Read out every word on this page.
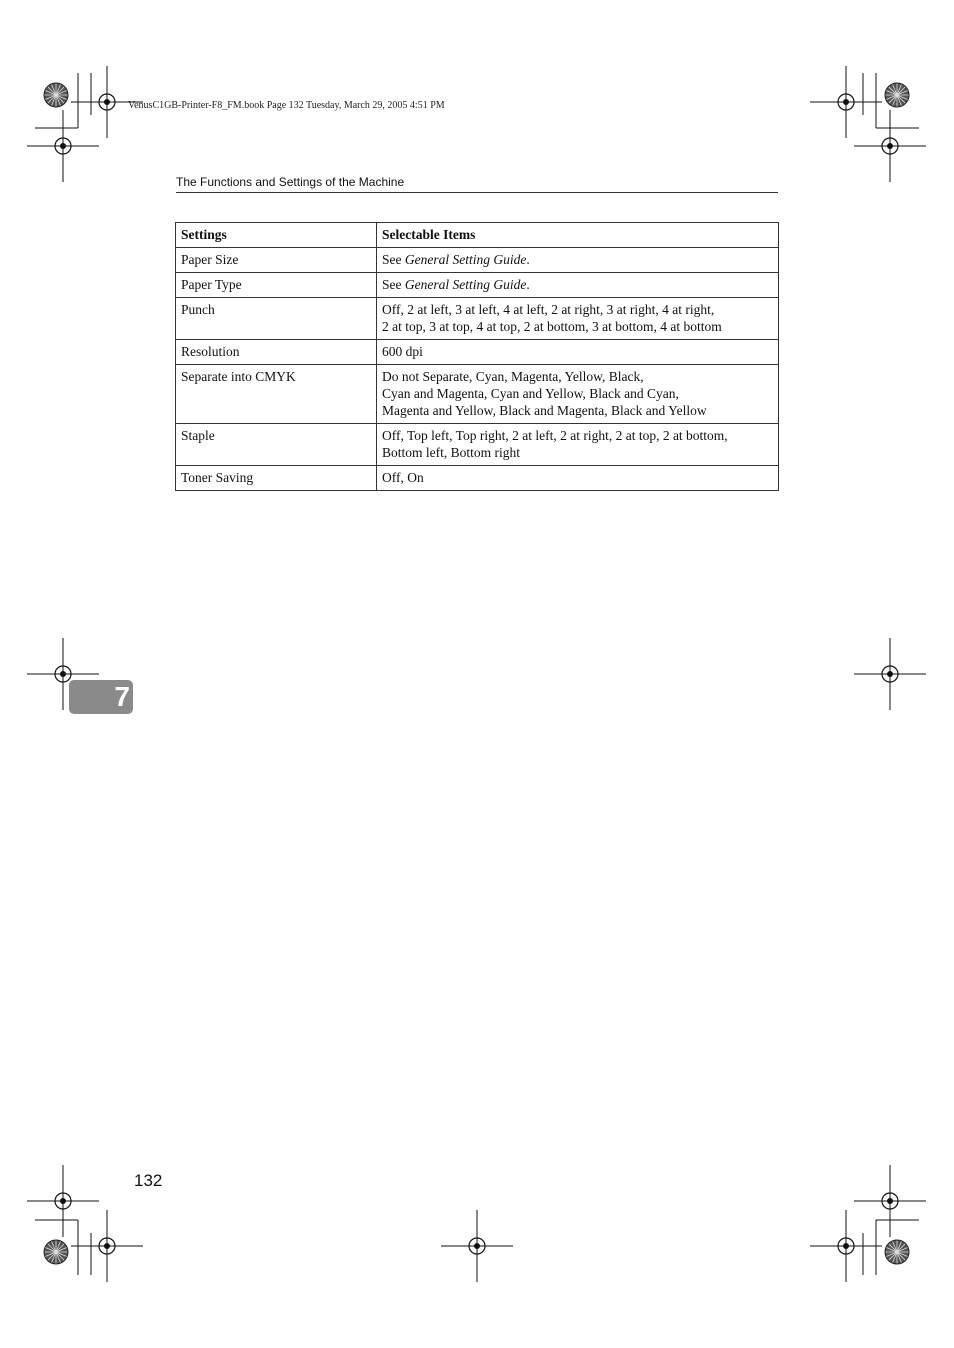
VenusC1GB-Printer-F8_FM.book Page 132 Tuesday, March 29, 2005 4:51 PM
The Functions and Settings of the Machine
Settings	Selectable Items
Paper Size	See General Setting Guide.
Paper Type	See General Setting Guide.
Punch	Off, 2 at left, 3 at left, 4 at left, 2 at right, 3 at right, 4 at right,
2 at top, 3 at top, 4 at top, 2 at bottom, 3 at bottom, 4 at bottom

Resolution	600 dpi

Separate into CMYK	Do not Separate, Cyan, Magenta, Yellow, Black,
Cyan and Magenta, Cyan and Yellow, Black and Cyan,
Magenta and Yellow, Black and Magenta, Black and Yellow

Staple	Off, Top left, Top right, 2 at left, 2 at right, 2 at top, 2 at bottom,
Bottom left, Bottom right

Toner Saving	Off, On
7
132
